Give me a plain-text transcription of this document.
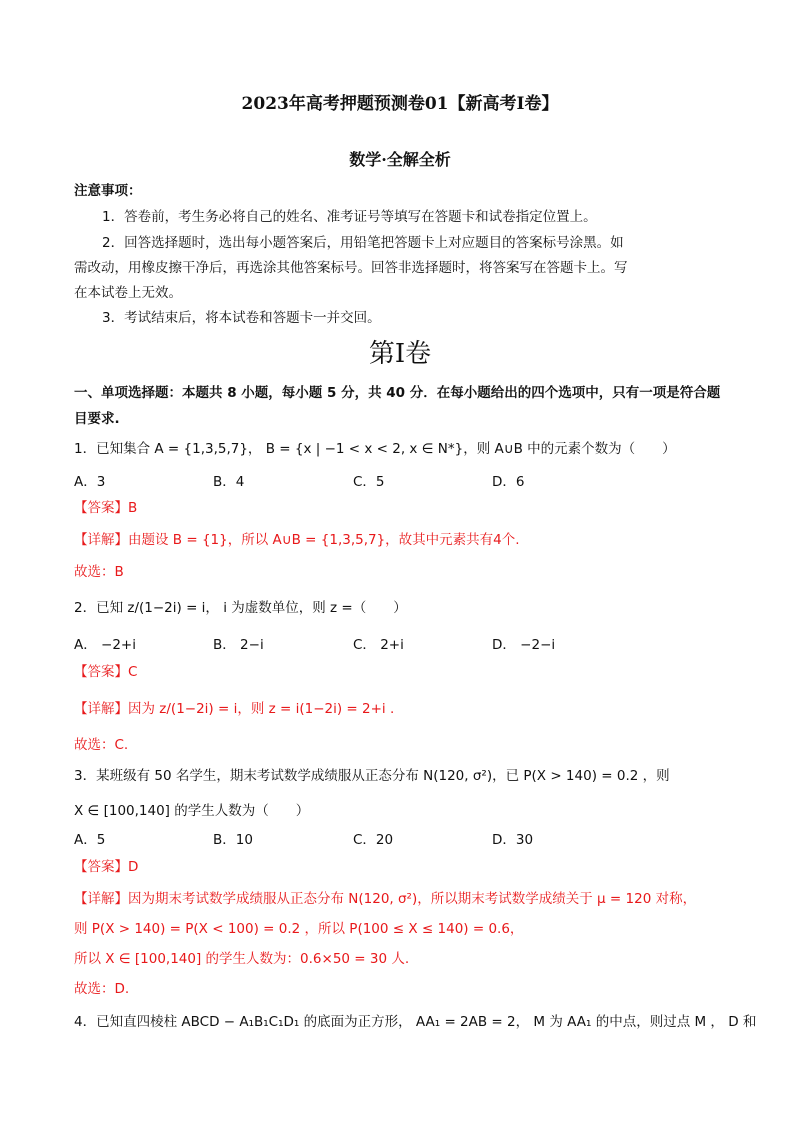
2023年高考押题预测卷01【新高考Ⅰ卷】
数学·全解全析
注意事项：
1．答卷前，考生务必将自己的姓名、准考证号等填写在答题卡和试卷指定位置上。
2．回答选择题时，选出每小题答案后，用铅笔把答题卡上对应题目的答案标号涂黑。如
需改动，用橡皮擦干净后，再选涂其他答案标号。回答非选择题时，将答案写在答题卡上。写
在本试卷上无效。
3．考试结束后，将本试卷和答题卡一并交回。
第Ⅰ卷
一、单项选择题：本题共 8 小题，每小题 5 分，共 40 分．在每小题给出的四个选项中，只有一项是符合题
目要求.
1．已知集合 A = {1,3,5,7}， B = {x | −1 < x < 2, x ∈ N*}，则 A∪B 中的元素个数为（　　）
A．3	B．4	C．5	D．6
【答案】B
【详解】由题设 B = {1}，所以 A∪B = {1,3,5,7}，故其中元素共有4个.
故选：B
2．已知 z/(1−2i) = i， i 为虚数单位，则 z =（　　）
A． −2+i	B． 2−i	C． 2+i	D． −2−i
【答案】C
【详解】因为 z/(1−2i) = i，则 z = i(1−2i) = 2+i .
故选：C.
3．某班级有 50 名学生，期末考试数学成绩服从正态分布 N(120, σ²)，已 P(X > 140) = 0.2 ，则
X ∈ [100,140] 的学生人数为（　　）
A．5	B．10	C．20	D．30
【答案】D
【详解】因为期末考试数学成绩服从正态分布 N(120, σ²)，所以期末考试数学成绩关于 μ = 120 对称，
则 P(X > 140) = P(X < 100) = 0.2 ，所以 P(100 ≤ X ≤ 140) = 0.6，
所以 X ∈ [100,140] 的学生人数为：0.6×50 = 30 人.
故选：D.
4．已知直四棱柱 ABCD − A₁B₁C₁D₁ 的底面为正方形， AA₁ = 2AB = 2， M 为 AA₁ 的中点，则过点 M ， D 和
